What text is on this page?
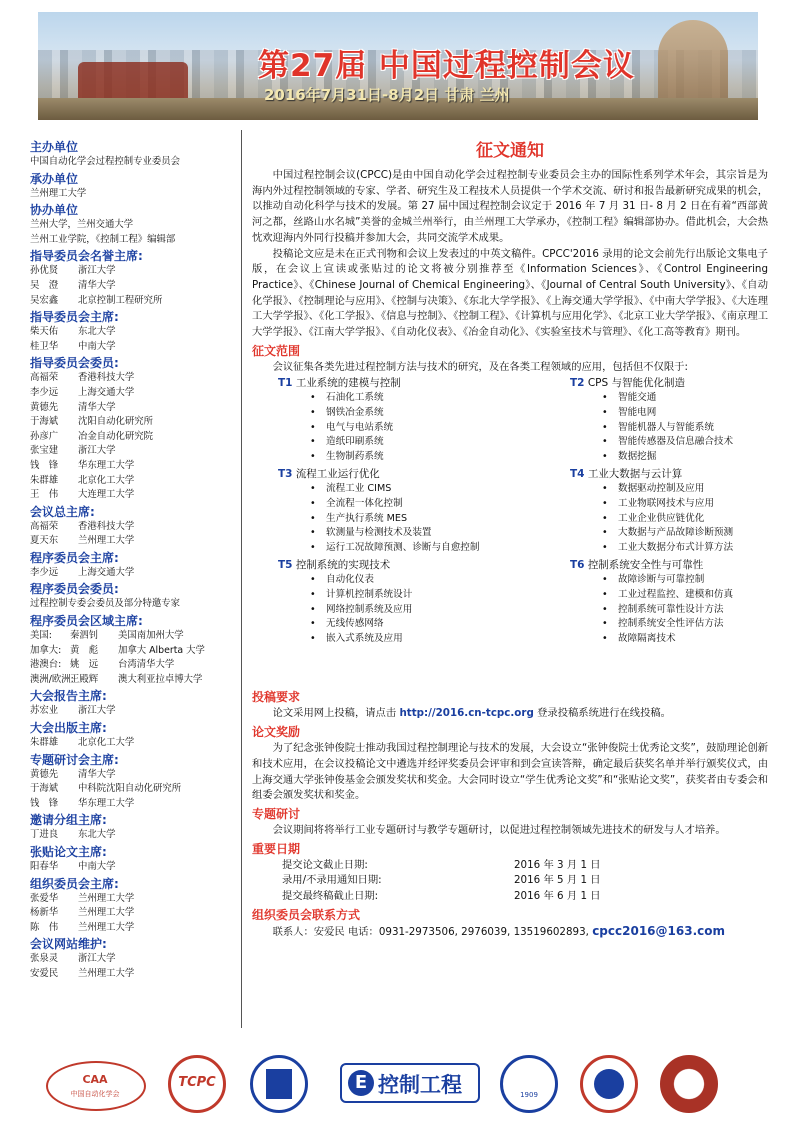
第27届 中国过程控制会议
2016年7月31日-8月2日 甘肃 兰州
主办单位
中国自动化学会过程控制专业委员会
承办单位
兰州理工大学
协办单位
兰州大学，兰州交通大学
兰州工业学院，《控制工程》编辑部
指导委员会名誉主席:
孙优贤 浙江大学
吴　澄 清华大学
吴宏鑫 北京控制工程研究所
指导委员会主席:
柴天佑 东北大学
桂卫华 中南大学
指导委员会委员:
高福荣 香港科技大学
李少远 上海交通大学
黄德先 清华大学
于海斌 沈阳自动化研究所
孙彦广 冶金自动化研究院
张宝建 浙江大学
钱　锋 华东理工大学
朱群雄 北京化工大学
王　伟 大连理工大学
会议总主席:
高福荣 香港科技大学
夏天东 兰州理工大学
程序委员会主席:
李少远 上海交通大学
程序委员会委员:
过程控制专委会委员及部分特邀专家
程序委员会区域主席:
美国: 秦泗钊 美国南加州大学
加拿大: 黄　彪 加拿大 Alberta 大学
港澳台: 姚　远 台湾清华大学
澳洲/欧洲:王殿辉 澳大利亚拉卓博大学
大会报告主席:
苏宏业 浙江大学
大会出版主席:
朱群雄 北京化工大学
专题研讨会主席:
黄德先 清华大学
于海斌 中科院沈阳自动化研究所
钱　锋 华东理工大学
邀请分组主席:
丁进良 东北大学
张贴论文主席:
阳春华 中南大学
组织委员会主席:
张爱华 兰州理工大学
杨新华 兰州理工大学
陈　伟 兰州理工大学
会议网站维护:
张泉灵 浙江大学
安爱民 兰州理工大学
征文通知

中国过程控制会议(CPCC)是由中国自动化学会过程控制专业委员会主办的国际性系列学术年会，其宗旨是为海内外过程控制领域的专家、学者、研究生及工程技术人员提供一个学术交流、研讨和报告最新研究成果的机会，以推动自动化科学与技术的发展。第 27 届中国过程控制会议定于 2016 年 7 月 31 日- 8 月 2 日在有着“西部黄河之都，丝路山水名城”美誉的金城兰州举行，由兰州理工大学承办，《控制工程》编辑部协办。借此机会，大会热忱欢迎海内外同行投稿并参加大会，共同交流学术成果。

投稿论文应是未在正式刊物和会议上发表过的中英文稿件。CPCC'2016 录用的论文会前先行出版论文集电子版，在会议上宣读或张贴过的论文将被分别推荐至《Information Sciences》、《Control Engineering Practice》、《Chinese Journal of Chemical Engineering》、《Journal of Central South University》、《自动化学报》、《控制理论与应用》、《控制与决策》、《东北大学学报》、《上海交通大学学报》、《中南大学学报》、《大连理工大学学报》、《化工学报》、《信息与控制》、《控制工程》、《计算机与应用化学》、《北京工业大学学报》、《南京理工大学学报》、《江南大学学报》、《自动化仪表》、《冶金自动化》、《实验室技术与管理》、《化工高等教育》期刊。

征文范围

会议征集各类先进过程控制方法与技术的研究，及在各类工程领域的应用，包括但不仅限于:

T1 工业系统的建模与控制
• 石油化工系统
• 钢铁冶金系统
• 电气与电站系统
• 造纸印刷系统
• 生物制药系统
T3 流程工业运行优化
• 流程工业 CIMS
• 全流程一体化控制
• 生产执行系统 MES
• 软测量与检测技术及装置
• 运行工况故障预测、诊断与自愈控制
T5 控制系统的实现技术
• 自动化仪表
• 计算机控制系统设计
• 网络控制系统及应用
• 无线传感网络
• 嵌入式系统及应用
T2 CPS 与智能优化制造
• 智能交通
• 智能电网
• 智能机器人与智能系统
• 智能传感器及信息融合技术
• 数据挖掘
T4 工业大数据与云计算
• 数据驱动控制及应用
• 工业物联网技术与应用
• 工业企业供应链优化
• 大数据与产品故障诊断预测
• 工业大数据分布式计算方法
T6 控制系统安全性与可靠性
• 故障诊断与可靠控制
• 工业过程监控、建模和仿真
• 控制系统可靠性设计方法
• 控制系统安全性评估方法
• 故障隔离技术
投稿要求

论文采用网上投稿，请点击 http://2016.cn-tcpc.org 登录投稿系统进行在线投稿。

论文奖励

为了纪念张钟俊院士推动我国过程控制理论与技术的发展，大会设立“张钟俊院士优秀论文奖”，鼓励理论创新和技术应用，在会议投稿论文中遴选并经评奖委员会评审和到会宣读答辩，确定最后获奖名单并举行颁奖仪式，由上海交通大学张钟俊基金会颁发奖状和奖金。大会同时设立“学生优秀论文奖”和“张贴论文奖”，获奖者由专委会和组委会颁发奖状和奖金。

专题研讨

会议期间将将举行工业专题研讨与教学专题研讨，以促进过程控制领域先进技术的研发与人才培养。

重要日期
提交论文截止日期:	2016 年 3 月 1 日
录用/不录用通知日期:	2016 年 5 月 1 日
提交最终稿截止日期:	2016 年 6 月 1 日
组织委员会联系方式

联系人：安爱民 电话：0931-2973506, 2976039, 13519602893, cpcc2016@163.com

CAA
中国自动化学会
TCPC	E 控制工程	1909	1912
